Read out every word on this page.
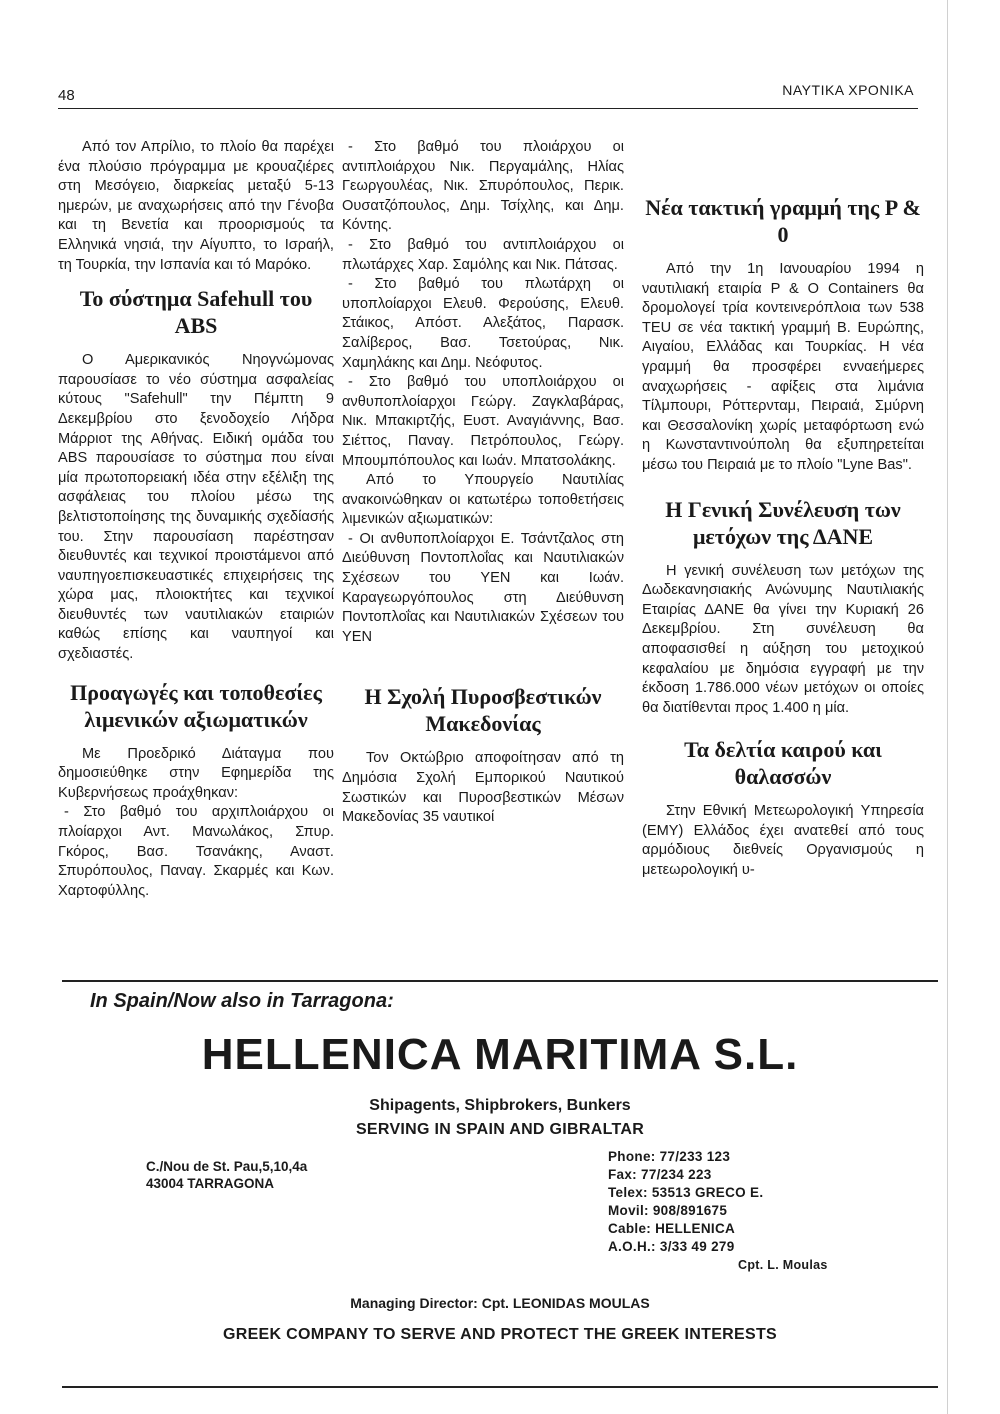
48	ΝΑΥΤΙΚΑ ΧΡΟΝΙΚΑ

Από τον Απρίλιο, το πλοίο θα παρέχει ένα πλούσιο πρόγραμμα με κρουαζιέρες στη Μεσόγειο, διαρκείας μεταξύ 5-13 ημερών, με αναχωρήσεις από την Γένοβα και τη Βενετία και προορισμούς τα Ελληνικά νησιά, την Αίγυπτο, το Ισραήλ, τη Τουρκία, την Ισπανία και τό Μαρόκο.

Το σύστημα Safehull του ABS

Ο Αμερικανικός Νηογνώμονας παρουσίασε το νέο σύστημα ασφαλείας κύτους "Safehull" την Πέμπτη 9 Δεκεμβρίου στο ξενοδοχείο Λήδρα Μάρριοτ της Αθήνας. Ειδική ομάδα του ABS παρουσίασε το σύστημα που είναι μία πρωτοπορειακή ιδέα στην εξέλιξη της ασφάλειας του πλοίου μέσω της βελτιστοποίησης της δυναμικής σχεδίασής του. Στην παρουσίαση παρέστησαν διευθυντές και τεχνικοί προιστάμενοι από ναυπηγοεπισκευαστικές επιχειρήσεις της χώρα μας, πλοιοκτήτες και τεχνικοί διευθυντές των ναυτιλιακών εταιριών καθώς επίσης και ναυπηγοί και σχεδιαστές.

Προαγωγές και τοποθεσίες λιμενικών αξιωματικών

Με Προεδρικό Διάταγμα που δημοσιεύθηκε στην Εφημερίδα της Κυβερνήσεως προάχθηκαν:

- Στο βαθμό του αρχιπλοιάρχου οι πλοίαρχοι Αντ. Μανωλάκος, Σπυρ. Γκόρος, Βασ. Τσανάκης, Αναστ. Σπυρόπουλος, Παναγ. Σκαρμές και Κων. Χαρτοφύλλης.

- Στο βαθμό του πλοιάρχου οι αντιπλοιάρχου Νικ. Περγαμάλης, Ηλίας Γεωργουλέας, Νικ. Σπυρόπουλος, Περικ. Ουσατζόπουλος, Δημ. Τσίχλης, και Δημ. Κόντης.

- Στο βαθμό του αντιπλοιάρχου οι πλωτάρχες Χαρ. Σαμόλης και Νικ. Πάτσας.

- Στο βαθμό του πλωτάρχη οι υποπλοίαρχοι Ελευθ. Φερούσης, Ελευθ. Στάικος, Απόστ. Αλεξάτος, Παρασκ. Σαλίβερος, Βασ. Τσετούρας, Νικ. Χαμηλάκης και Δημ. Νεόφυτος.

- Στο βαθμό του υποπλοιάρχου οι ανθυποπλοίαρχοι Γεώργ. Ζαγκλαβάρας, Νικ. Μπακιρτζής, Ευστ. Αναγιάννης, Βασ. Σιέττος, Παναγ. Πετρόπουλος, Γεώργ. Μπουμπόπουλος και Ιωάν. Μπατσολάκης.

Από το Υπουργείο Ναυτιλίας ανακοινώθηκαν οι κατωτέρω τοποθετήσεις λιμενικών αξιωματικών:

- Οι ανθυποπλοίαρχοι Ε. Τσάντζαλος στη Διεύθυνση Ποντοπλοΐας και Ναυτιλιακών Σχέσεων του ΥΕΝ και Ιωάν. Καραγεωργόπουλος στη Διεύθυνση Ποντοπλοΐας και Ναυτιλιακών Σχέσεων του ΥΕΝ

Η Σχολή Πυροσβεστικών Μακεδονίας

Τον Οκτώβριο αποφοίτησαν από τη Δημόσια Σχολή Εμπορικού Ναυτικού Σωστικών και Πυροσβεστικών Μέσων Μακεδονίας 35 ναυτικοί

Νέα τακτική γραμμή της P & 0

Από την 1η Ιανουαρίου 1994 η ναυτιλιακή εταιρία P & O Containers θα δρομολογεί τρία κοντεινερόπλοια των 538 TEU σε νέα τακτική γραμμή Β. Ευρώπης, Αιγαίου, Ελλάδας και Τουρκίας. Η νέα γραμμή θα προσφέρει ενναεήμερες αναχωρήσεις - αφίξεις στα λιμάνια Τίλμπουρι, Ρόττερνταμ, Πειραιά, Σμύρνη και Θεσσαλονίκη χωρίς μεταφόρτωση ενώ η Κωνσταντινούπολη θα εξυπηρετείται μέσω του Πειραιά με το πλοίο "Lyne Bas".

Η Γενική Συνέλευση των μετόχων της ΔΑΝΕ

Η γενική συνέλευση των μετόχων της Δωδεκανησιακής Ανώνυμης Ναυτιλιακής Εταιρίας ΔΑΝΕ θα γίνει την Κυριακή 26 Δεκεμβρίου. Στη συνέλευση θα αποφασισθεί η αύξηση του μετοχικού κεφαλαίου με δημόσια εγγραφή με την έκδοση 1.786.000 νέων μετόχων οι οποίες θα διατίθενται προς 1.400 η μία.

Τα δελτία καιρού και θαλασσών

Στην Εθνική Μετεωρολογική Υπηρεσία (ΕΜΥ) Ελλάδος έχει ανατεθεί από τους αρμόδιους διεθνείς Οργανισμούς η μετεωρολογική υ-

In Spain/Now also in Tarragona:
HELLENICA MARITIMA S.L.
Shipagents, Shipbrokers, Bunkers
SERVING IN SPAIN AND GIBRALTAR
C./Nou de St. Pau,5,10,4a
43004 TARRAGONA
Phone: 77/233 123
Fax: 77/234 223
Telex: 53513 GRECO E.
Movil: 908/891675
Cable: HELLENICA
A.O.H.: 3/33 49 279
Cpt. L. Moulas
Managing Director: Cpt. LEONIDAS MOULAS
GREEK COMPANY TO SERVE AND PROTECT THE GREEK INTERESTS
